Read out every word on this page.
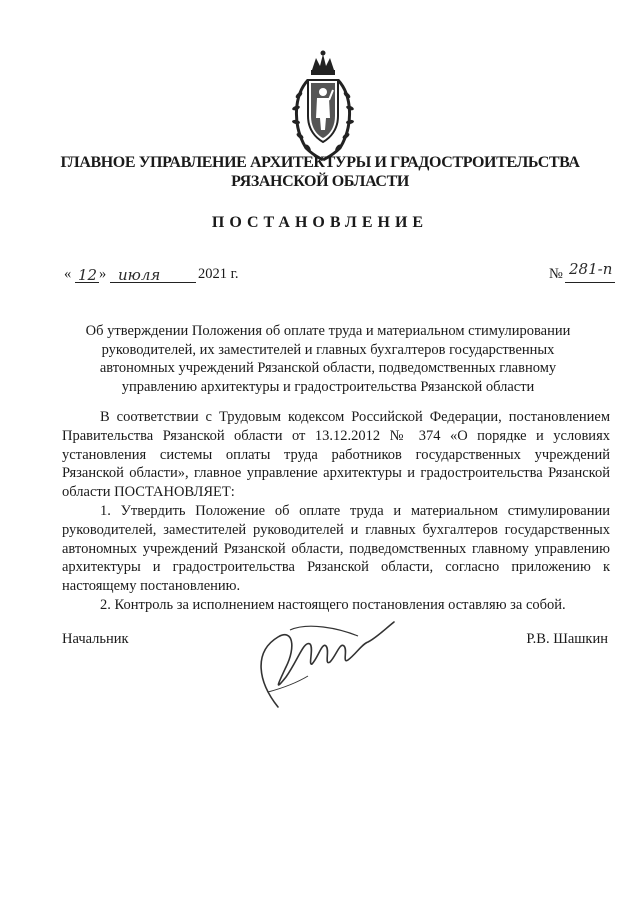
ГЛАВНОЕ УПРАВЛЕНИЕ АРХИТЕКТУРЫ И ГРАДОСТРОИТЕЛЬСТВА
РЯЗАНСКОЙ ОБЛАСТИ
ПОСТАНОВЛЕНИЕ
« 12 » июля	2021 г.	№ 281-п
Об утверждении Положения об оплате труда и материальном стимулировании руководителей, их заместителей и главных бухгалтеров государственных автономных учреждений Рязанской области, подведомственных главному управлению архитектуры и градостроительства Рязанской области

В соответствии с Трудовым кодексом Российской Федерации, постановлением Правительства Рязанской области от 13.12.2012 № 374 «О порядке и условиях установления системы оплаты труда работников государственных учреждений Рязанской области», главное управление архитектуры и градостроительства Рязанской области ПОСТАНОВЛЯЕТ:

1. Утвердить Положение об оплате труда и материальном стимулировании руководителей, заместителей руководителей и главных бухгалтеров государственных автономных учреждений Рязанской области, подведомственных главному управлению архитектуры и градостроительства Рязанской области, согласно приложению к настоящему постановлению.

2. Контроль за исполнением настоящего постановления оставляю за собой.

Начальник	Р.В. Шашкин
